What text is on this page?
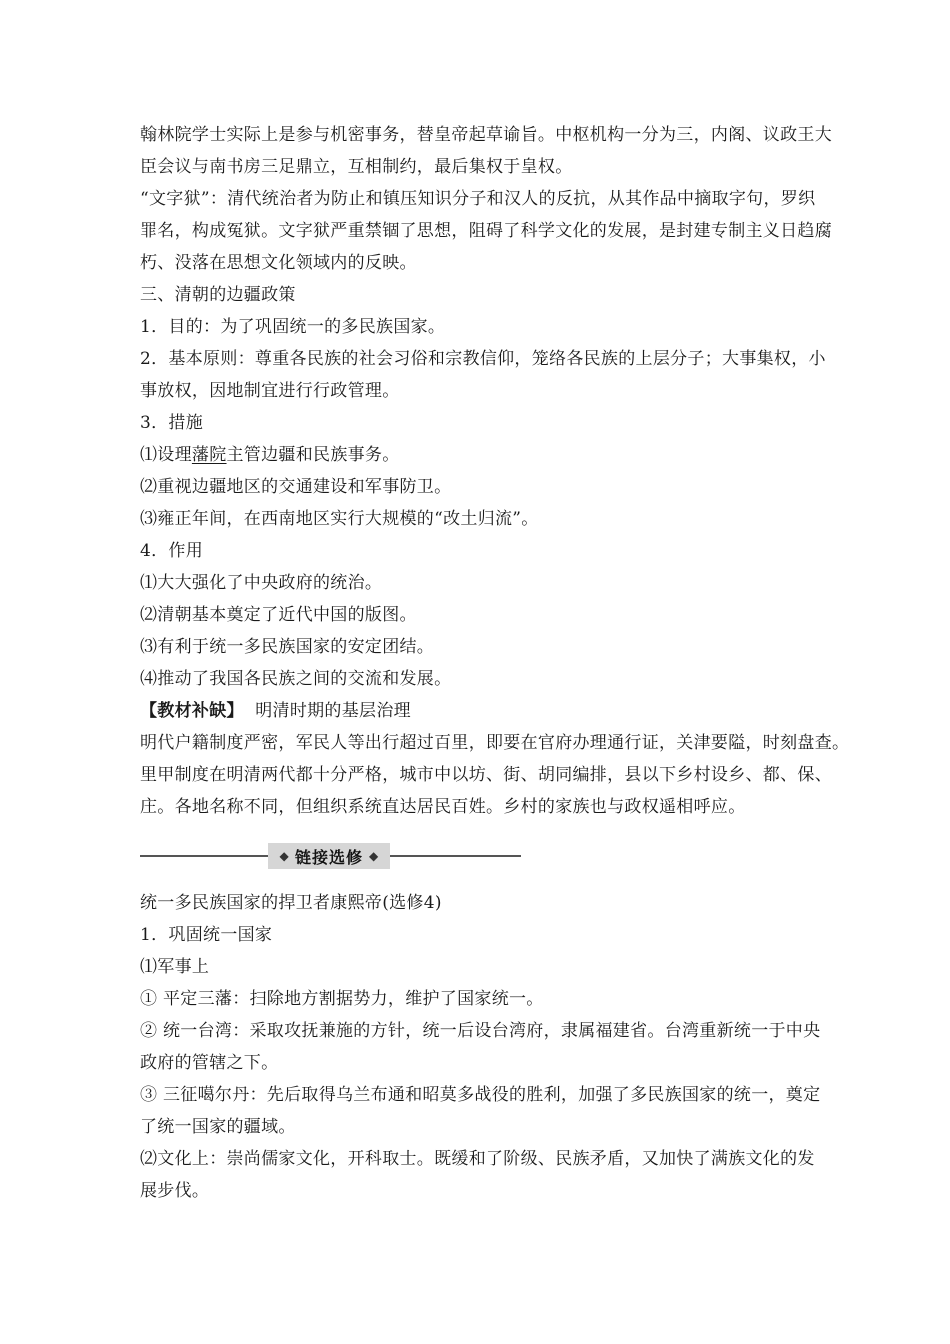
翰林院学士实际上是参与机密事务，替皇帝起草谕旨。中枢机构一分为三，内阁、议政王大
臣会议与南书房三足鼎立，互相制约，最后集权于皇权。
“文字狱”：清代统治者为防止和镇压知识分子和汉人的反抗，从其作品中摘取字句，罗织
罪名，构成冤狱。文字狱严重禁锢了思想，阻碍了科学文化的发展，是封建专制主义日趋腐
朽、没落在思想文化领域内的反映。
三、清朝的边疆政策
1．目的：为了巩固统一的多民族国家。
2．基本原则：尊重各民族的社会习俗和宗教信仰，笼络各民族的上层分子；大事集权，小
事放权，因地制宜进行行政管理。
3．措施
⑴设理藩院主管边疆和民族事务。
⑵重视边疆地区的交通建设和军事防卫。
⑶雍正年间，在西南地区实行大规模的“改土归流”。
4．作用
⑴大大强化了中央政府的统治。
⑵清朝基本奠定了近代中国的版图。
⑶有利于统一多民族国家的安定团结。
⑷推动了我国各民族之间的交流和发展。
【教材补缺】 明清时期的基层治理
明代户籍制度严密，军民人等出行超过百里，即要在官府办理通行证，关津要隘，时刻盘查。
里甲制度在明清两代都十分严格，城市中以坊、街、胡同编排，县以下乡村设乡、都、保、
庄。各地名称不同，但组织系统直达居民百姓。乡村的家族也与政权遥相呼应。
◆ 链接选修 ◆
统一多民族国家的捍卫者康熙帝(选修4)
1．巩固统一国家
⑴军事上
① 平定三藩：扫除地方割据势力，维护了国家统一。
② 统一台湾：采取攻抚兼施的方针，统一后设台湾府，隶属福建省。台湾重新统一于中央
政府的管辖之下。
③ 三征噶尔丹：先后取得乌兰布通和昭莫多战役的胜利，加强了多民族国家的统一，奠定
了统一国家的疆域。
⑵文化上：崇尚儒家文化，开科取士。既缓和了阶级、民族矛盾，又加快了满族文化的发
展步伐。
